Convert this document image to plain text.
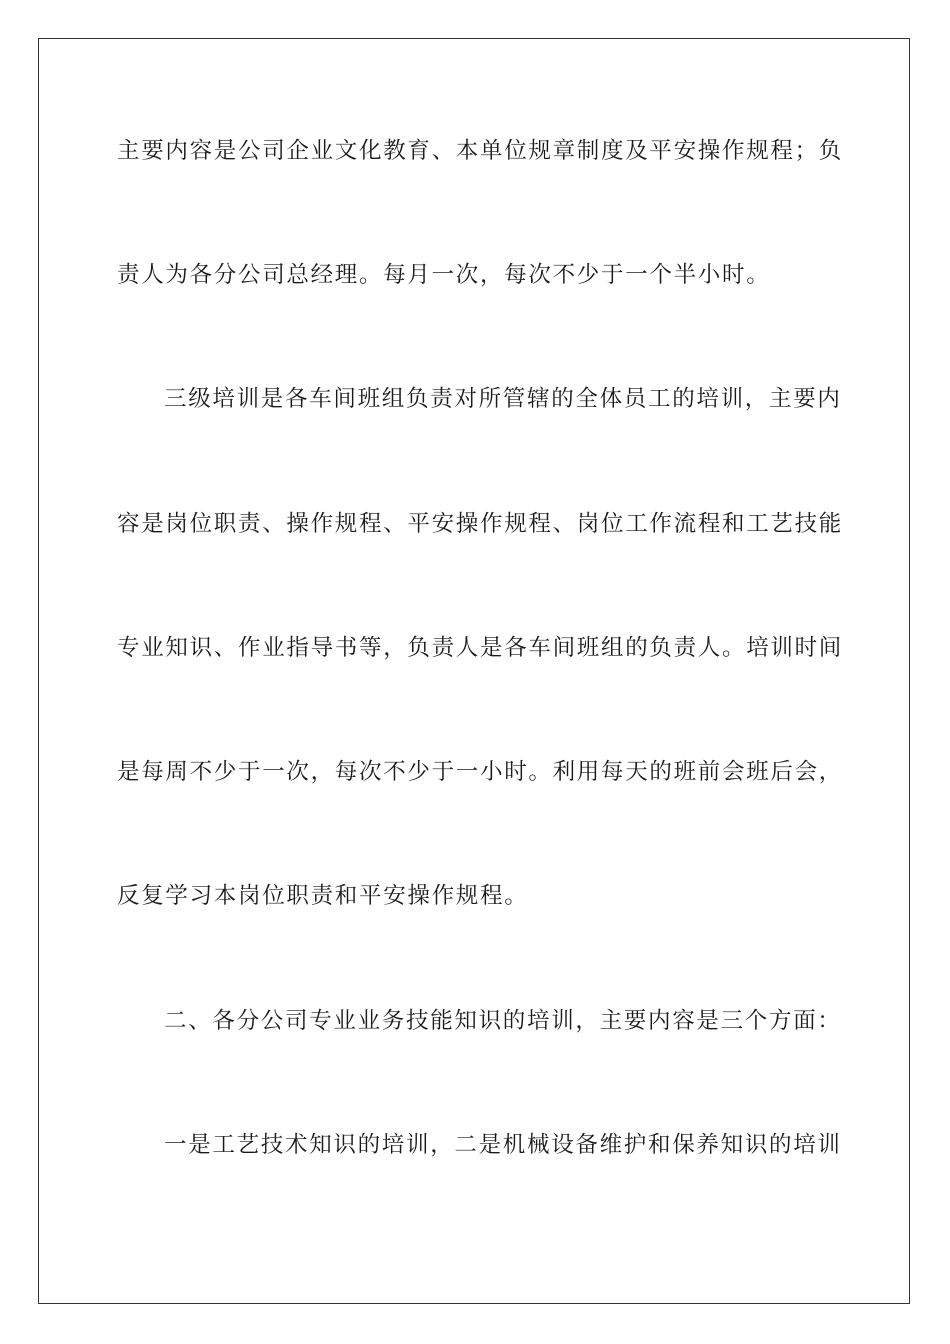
主要内容是公司企业文化教育、本单位规章制度及平安操作规程；负
责人为各分公司总经理。每月一次，每次不少于一个半小时。
三级培训是各车间班组负责对所管辖的全体员工的培训，主要内
容是岗位职责、操作规程、平安操作规程、岗位工作流程和工艺技能
专业知识、作业指导书等，负责人是各车间班组的负责人。培训时间
是每周不少于一次，每次不少于一小时。利用每天的班前会班后会，
反复学习本岗位职责和平安操作规程。
二、各分公司专业业务技能知识的培训，主要内容是三个方面：
一是工艺技术知识的培训，二是机械设备维护和保养知识的培训
